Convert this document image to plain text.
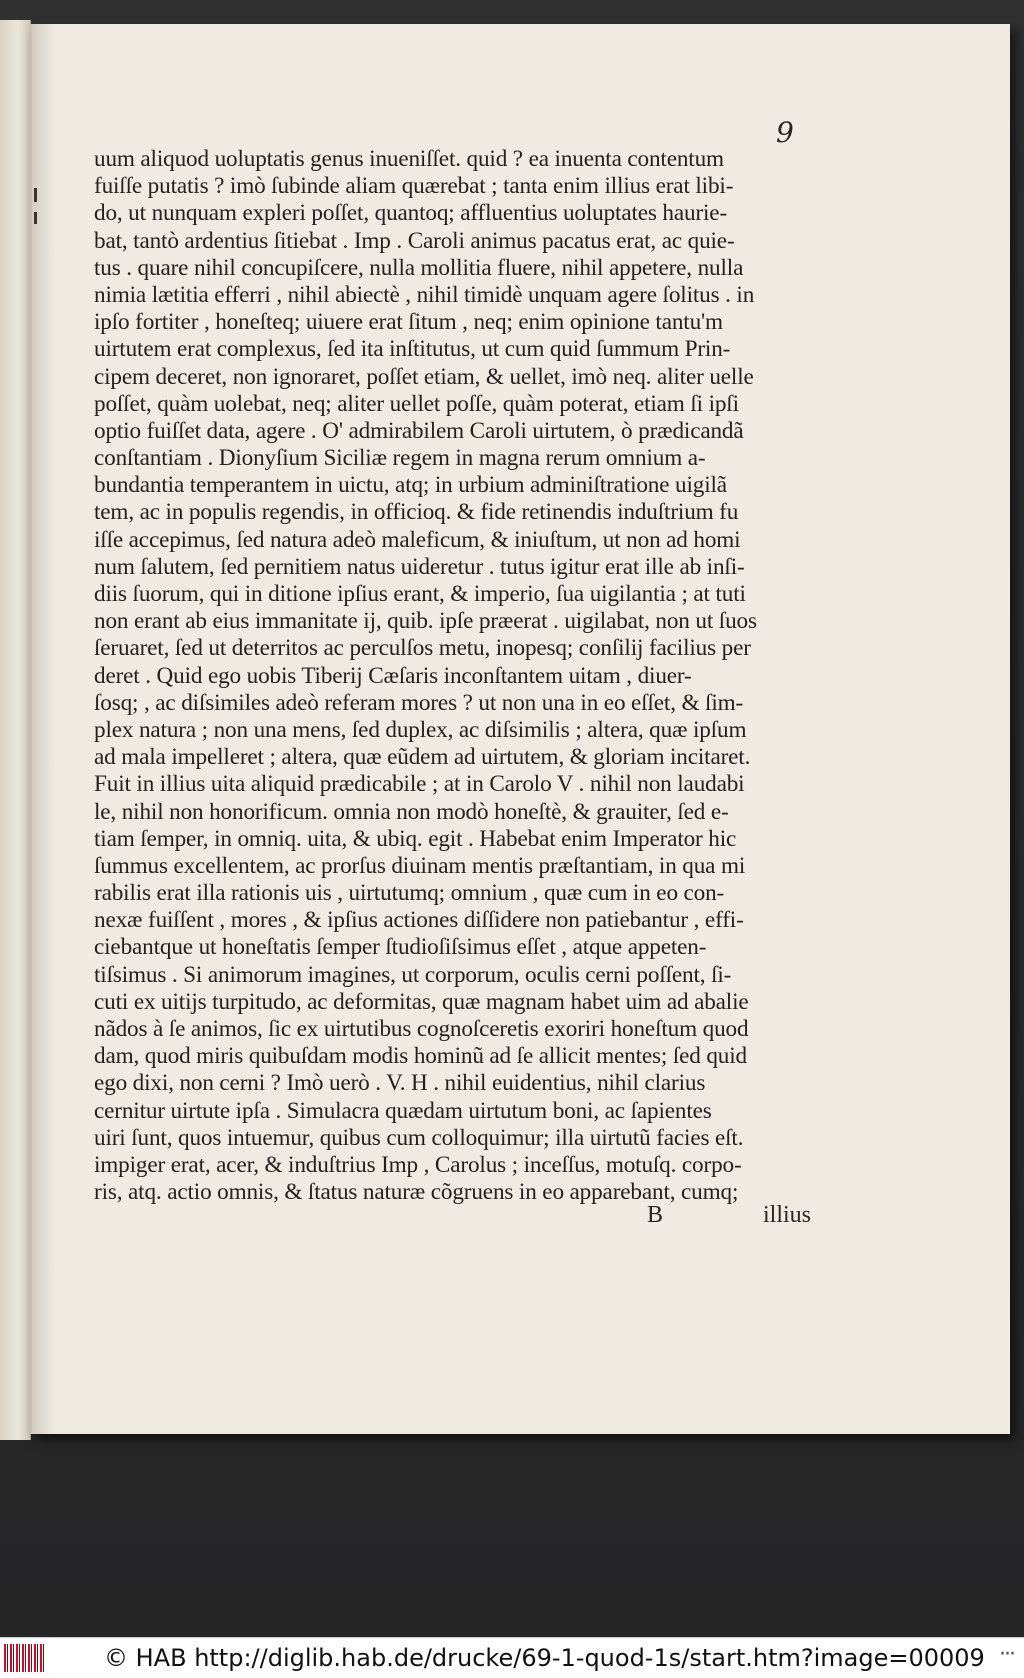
9
uum aliquod uoluptatis genus inueniſſet. quid ? ea inuenta contentum
fuiſſe putatis ? imò ſubinde aliam quærebat ; tanta enim illius erat libi-
do, ut nunquam expleri poſſet, quantoq; affluentius uoluptates haurie-
bat, tantò ardentius ſitiebat . Imp . Caroli animus pacatus erat, ac quie-
tus . quare nihil concupiſcere, nulla mollitia fluere, nihil appetere, nulla
nimia lætitia efferri , nihil abiectè , nihil timidè unquam agere ſolitus . in
ipſo fortiter , honeſteq; uiuere erat ſitum , neq; enim opinione tantu'm
uirtutem erat complexus, ſed ita inſtitutus, ut cum quid ſummum Prin-
cipem deceret, non ignoraret, poſſet etiam, & uellet, imò neq. aliter uelle
poſſet, quàm uolebat, neq; aliter uellet poſſe, quàm poterat, etiam ſi ipſi
optio fuiſſet data, agere . O' admirabilem Caroli uirtutem, ò prædicandã
conſtantiam . Dionyſium Siciliæ regem in magna rerum omnium a-
bundantia temperantem in uictu, atq; in urbium adminiſtratione uigilã
tem, ac in populis regendis, in officioq. & fide retinendis induſtrium fu
iſſe accepimus, ſed natura adeò maleficum, & iniuſtum, ut non ad homi
num ſalutem, ſed pernitiem natus uideretur . tutus igitur erat ille ab inſi-
diis ſuorum, qui in ditione ipſius erant, & imperio, ſua uigilantia ; at tuti
non erant ab eius immanitate ij, quib. ipſe præerat . uigilabat, non ut ſuos
ſeruaret, ſed ut deterritos ac perculſos metu, inopesq; conſilij facilius per
deret . Quid ego uobis Tiberij Cæſaris inconſtantem uitam , diuer-
ſosq; , ac diſsimiles adeò referam mores ? ut non una in eo eſſet, & ſim-
plex natura ; non una mens, ſed duplex, ac diſsimilis ; altera, quæ ipſum
ad mala impelleret ; altera, quæ eũdem ad uirtutem, & gloriam incitaret.
Fuit in illius uita aliquid prædicabile ; at in Carolo V . nihil non laudabi
le, nihil non honorificum. omnia non modò honeſtè, & grauiter, ſed e-
tiam ſemper, in omniq. uita, & ubiq. egit . Habebat enim Imperator hic
ſummus excellentem, ac prorſus diuinam mentis præſtantiam, in qua mi
rabilis erat illa rationis uis , uirtutumq; omnium , quæ cum in eo con-
nexæ fuiſſent , mores , & ipſius actiones diſſidere non patiebantur , effi-
ciebantque ut honeſtatis ſemper ſtudioſiſsimus eſſet , atque appeten-
tiſsimus . Si animorum imagines, ut corporum, oculis cerni poſſent, ſi-
cuti ex uitijs turpitudo, ac deformitas, quæ magnam habet uim ad abalie
nãdos à ſe animos, ſic ex uirtutibus cognoſceretis exoriri honeſtum quod
dam, quod miris quibuſdam modis hominũ ad ſe allicit mentes; ſed quid
ego dixi, non cerni ? Imò uerò . V. H . nihil euidentius, nihil clarius
cernitur uirtute ipſa . Simulacra quædam uirtutum boni, ac ſapientes
uiri ſunt, quos intuemur, quibus cum colloquimur; illa uirtutũ facies eſt.
impiger erat, acer, & induſtrius Imp , Carolus ; inceſſus, motuſq. corpo-
ris, atq. actio omnis, & ſtatus naturæ cõgruens in eo apparebant, cumq;
B	illius
© HAB http://diglib.hab.de/drucke/69-1-quod-1s/start.htm?image=00009 ···
